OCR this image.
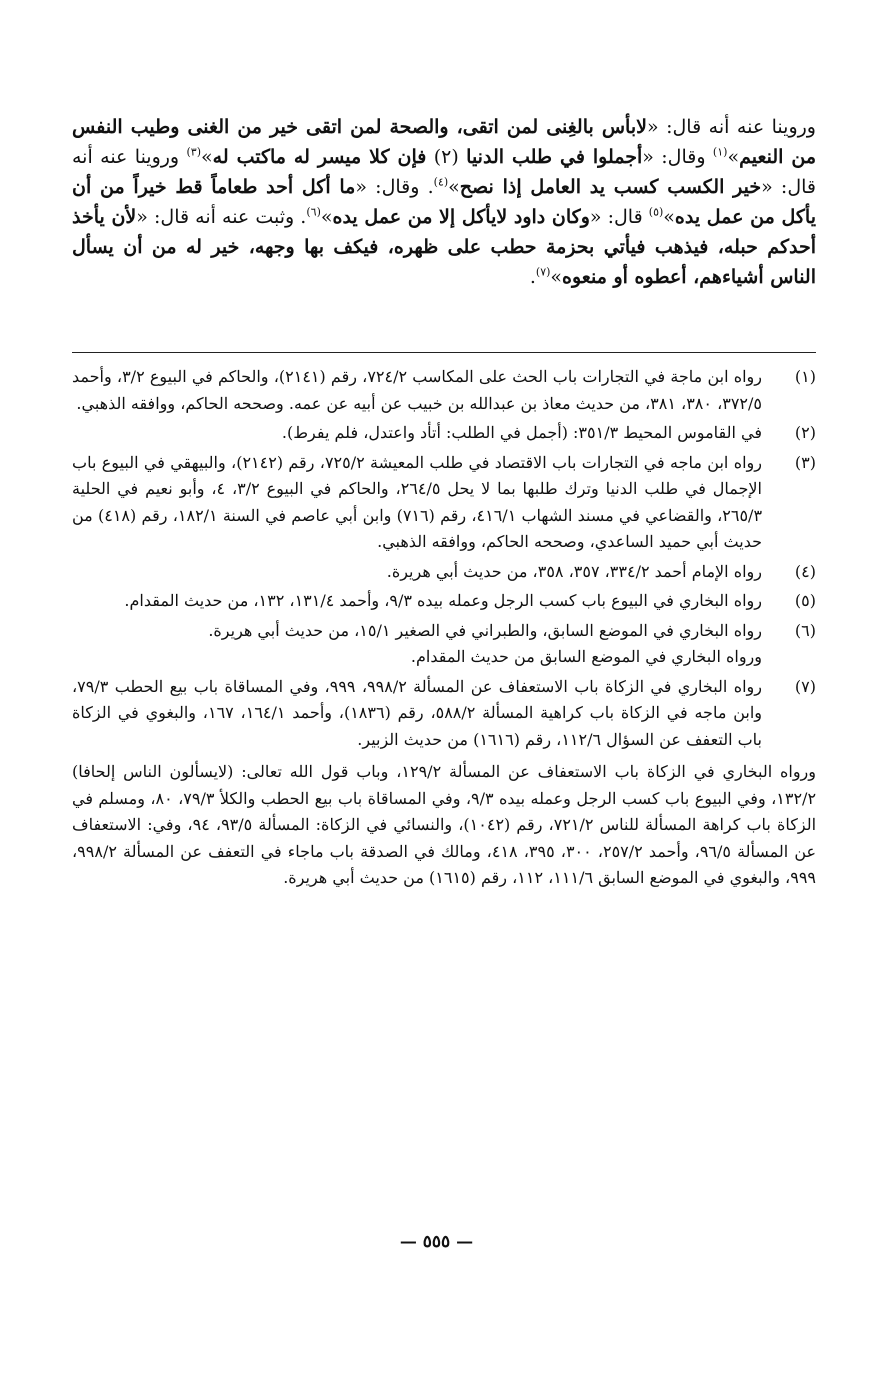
وروينا عنه أنه قال: «لابأس بالغِنى لمن اتقى، والصحة لمن اتقى خير من الغنى وطيب النفس من النعيم»$^{(١)}$ وقال: «أجملوا في طلب الدنيا (٢) فإن كلا ميسر له ماكتب له»$^{(٣)}$ وروينا عنه أنه قال: «خير الكسب كسب يد العامل إذا نصح»$^{(٤)}$. وقال: «ما أكل أحد طعاماً قط خيراً من أن يأكل من عمل يده»$^{(٥)}$ قال: «وكان داود لايأكل إلا من عمل يده»$^{(٦)}$. وثبت عنه أنه قال: «لأن يأخذ أحدكم حبله، فيذهب فيأتي بحزمة حطب على ظهره، فيكف بها وجهه، خير له من أن يسأل الناس أشياءهم، أعطوه أو منعوه»$^{(٧)}$.

(١)

رواه ابن ماجة في التجارات باب الحث على المكاسب ٧٢٤/٢، رقم (٢١٤١)، والحاكم في البيوع ٣/٢، وأحمد ٣٧٢/٥، ٣٨٠، ٣٨١، من حديث معاذ بن عبدالله بن خبيب عن أبيه عن عمه. وصححه الحاكم، ووافقه الذهبي.

(٢)

في القاموس المحيط ٣٥١/٣: (أجمل في الطلب: أتأد واعتدل، فلم يفرط).

(٣)

رواه ابن ماجه في التجارات باب الاقتصاد في طلب المعيشة ٧٢٥/٢، رقم (٢١٤٢)، والبيهقي في البيوع باب الإجمال في طلب الدنيا وترك طلبها بما لا يحل ٢٦٤/٥، والحاكم في البيوع ٣/٢، ٤، وأبو نعيم في الحلية ٢٦٥/٣، والقضاعي في مسند الشهاب ٤١٦/١، رقم (٧١٦) وابن أبي عاصم في السنة ١٨٢/١، رقم (٤١٨) من حديث أبي حميد الساعدي، وصححه الحاكم، ووافقه الذهبي.

(٤)

رواه الإمام أحمد ٣٣٤/٢، ٣٥٧، ٣٥٨، من حديث أبي هريرة.

(٥)

رواه البخاري في البيوع باب كسب الرجل وعمله بيده ٩/٣، وأحمد ١٣١/٤، ١٣٢، من حديث المقدام.

(٦)

رواه البخاري في الموضع السابق، والطبراني في الصغير ١٥/١، من حديث أبي هريرة.

ورواه البخاري في الموضع السابق من حديث المقدام.

(٧)

رواه البخاري في الزكاة باب الاستعفاف عن المسألة ٩٩٨/٢، ٩٩٩، وفي المساقاة باب بيع الحطب ٧٩/٣، وابن ماجه في الزكاة باب كراهية المسألة ٥٨٨/٢، رقم (١٨٣٦)، وأحمد ١٦٤/١، ١٦٧، والبغوي في الزكاة باب التعفف عن السؤال ١١٢/٦، رقم (١٦١٦) من حديث الزبير.

ورواه البخاري في الزكاة باب الاستعفاف عن المسألة ١٢٩/٢، وباب قول الله تعالى: (لايسألون الناس إلحافا) ١٣٢/٢، وفي البيوع باب كسب الرجل وعمله بيده ٩/٣، وفي المساقاة باب بيع الحطب والكلأ ٧٩/٣، ٨٠، ومسلم في الزكاة باب كراهة المسألة للناس ٧٢١/٢، رقم (١٠٤٢)، والنسائي في الزكاة: المسألة ٩٣/٥، ٩٤، وفي: الاستعفاف عن المسألة ٩٦/٥، وأحمد ٢٥٧/٢، ٣٠٠، ٣٩٥، ٤١٨، ومالك في الصدقة باب ماجاء في التعفف عن المسألة ٩٩٨/٢، ٩٩٩، والبغوي في الموضع السابق ١١١/٦، ١١٢، رقم (١٦١٥) من حديث أبي هريرة.

— ٥٥٥ —
